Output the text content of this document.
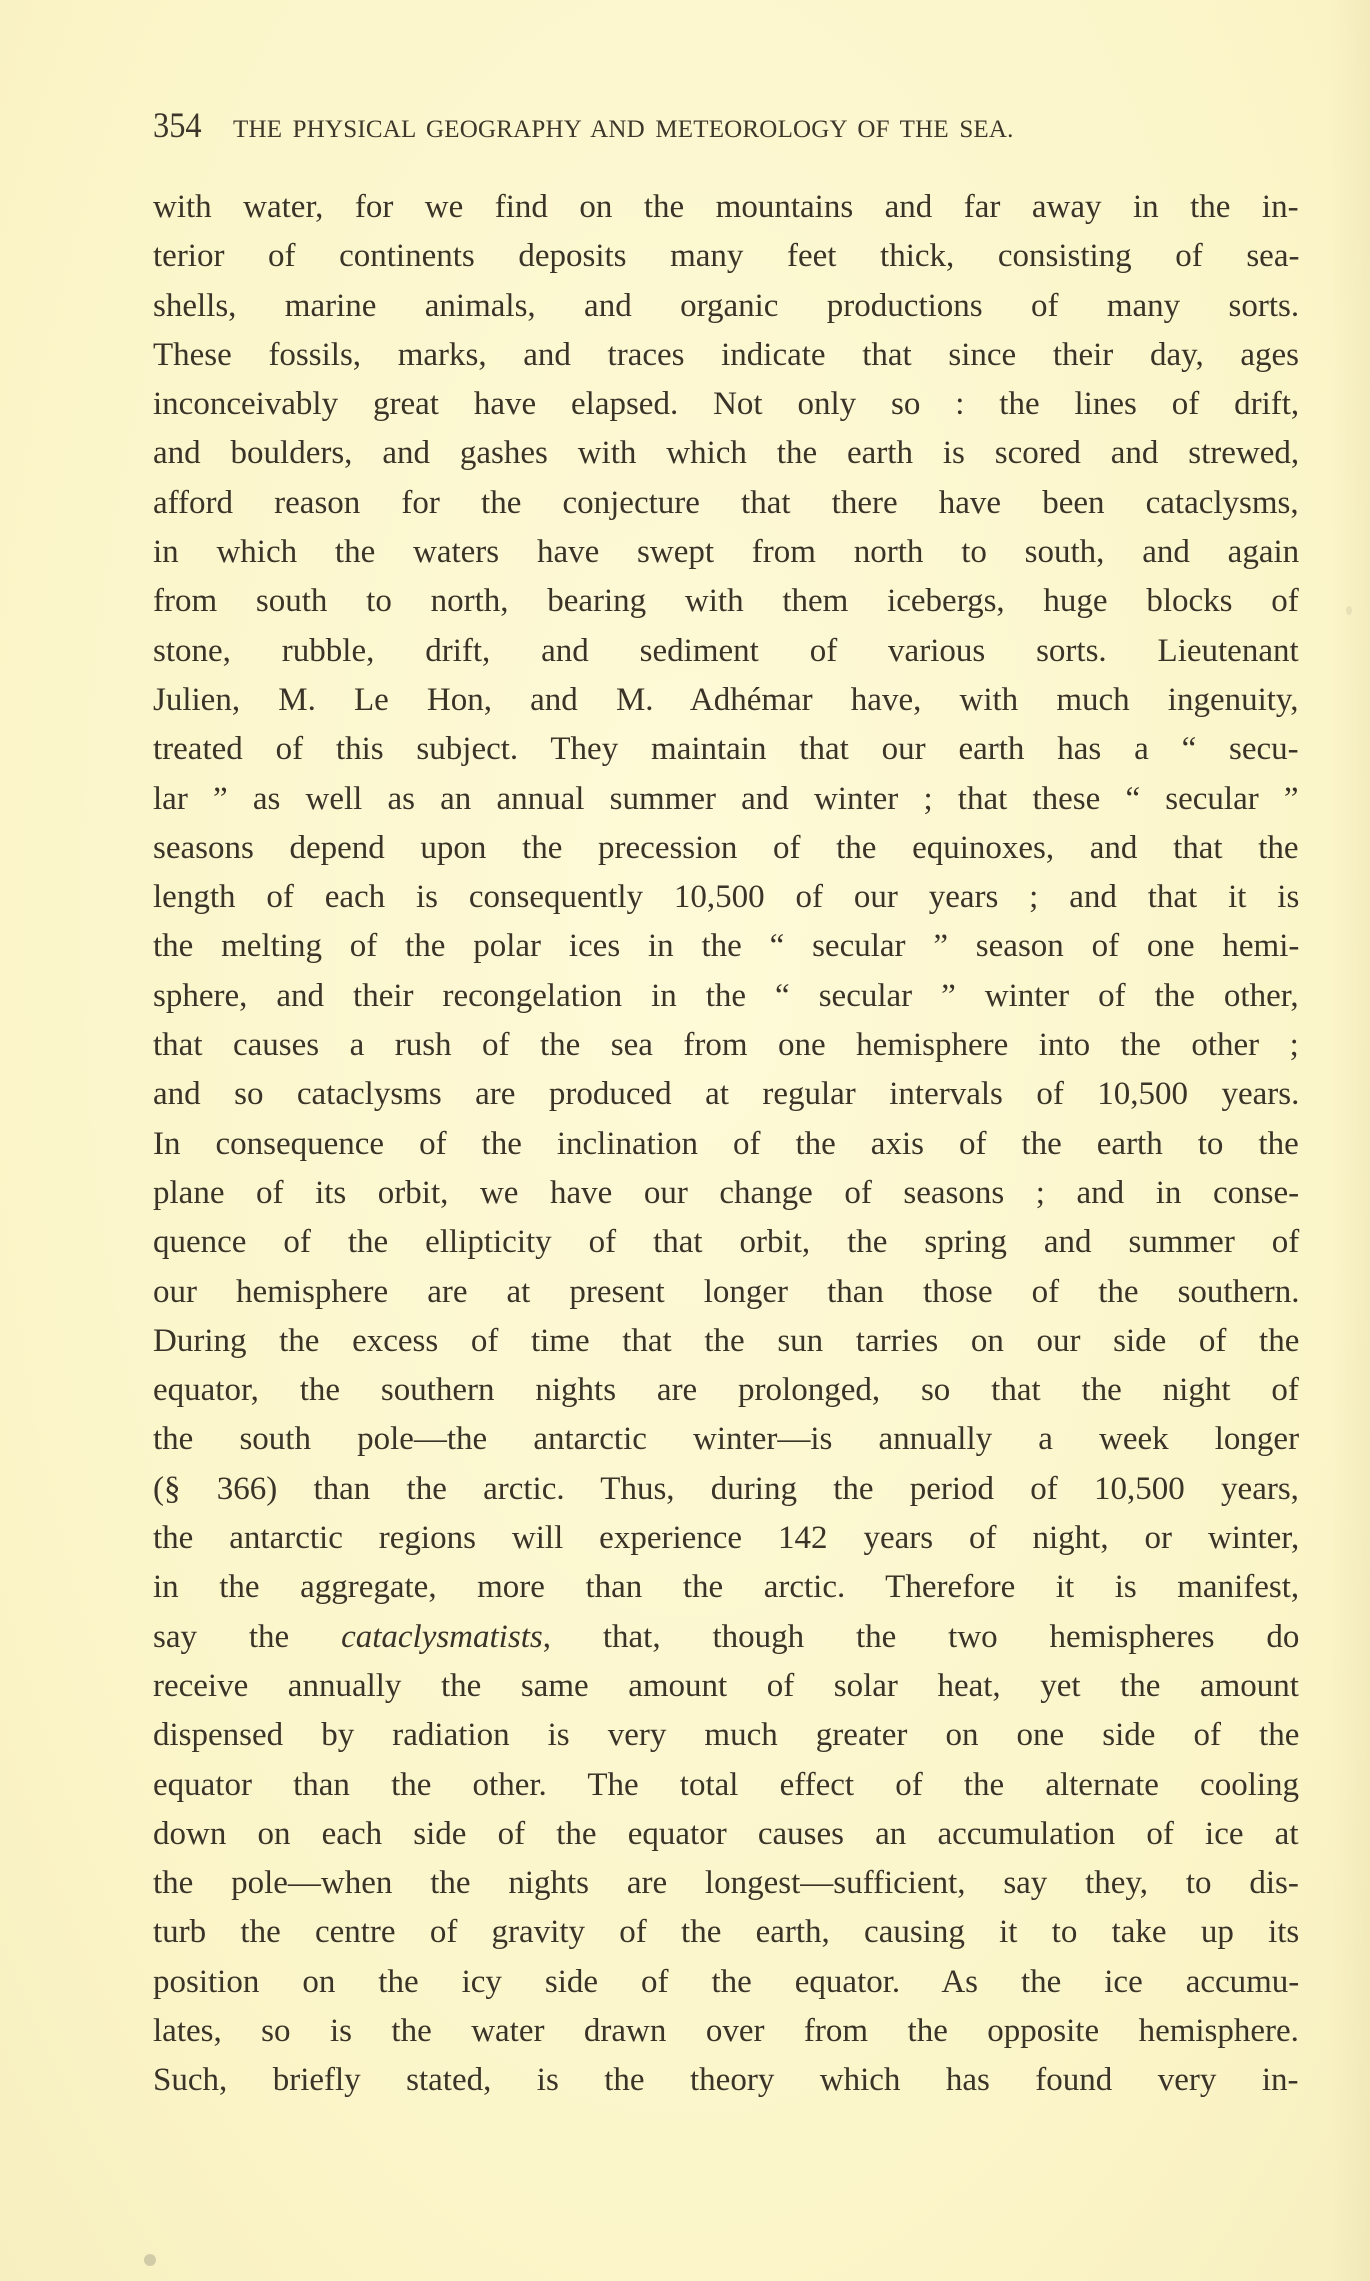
354 THE PHYSICAL GEOGRAPHY AND METEOROLOGY OF THE SEA.
with water, for we find on the mountains and far away in the in-
terior of continents deposits many feet thick, consisting of sea-
shells, marine animals, and organic productions of many sorts.
These fossils, marks, and traces indicate that since their day, ages
inconceivably great have elapsed. Not only so : the lines of drift,
and boulders, and gashes with which the earth is scored and strewed,
afford reason for the conjecture that there have been cataclysms,
in which the waters have swept from north to south, and again
from south to north, bearing with them icebergs, huge blocks of
stone, rubble, drift, and sediment of various sorts. Lieutenant
Julien, M. Le Hon, and M. Adhémar have, with much ingenuity,
treated of this subject. They maintain that our earth has a “ secu-
lar ” as well as an annual summer and winter ; that these “ secular ”
seasons depend upon the precession of the equinoxes, and that the
length of each is consequently 10,500 of our years ; and that it is
the melting of the polar ices in the “ secular ” season of one hemi-
sphere, and their recongelation in the “ secular ” winter of the other,
that causes a rush of the sea from one hemisphere into the other ;
and so cataclysms are produced at regular intervals of 10,500 years.
In consequence of the inclination of the axis of the earth to the
plane of its orbit, we have our change of seasons ; and in conse-
quence of the ellipticity of that orbit, the spring and summer of
our hemisphere are at present longer than those of the southern.
During the excess of time that the sun tarries on our side of the
equator, the southern nights are prolonged, so that the night of
the south pole—the antarctic winter—is annually a week longer
(§ 366) than the arctic. Thus, during the period of 10,500 years,
the antarctic regions will experience 142 years of night, or winter,
in the aggregate, more than the arctic. Therefore it is manifest,
say the cataclysmatists, that, though the two hemispheres do
receive annually the same amount of solar heat, yet the amount
dispensed by radiation is very much greater on one side of the
equator than the other. The total effect of the alternate cooling
down on each side of the equator causes an accumulation of ice at
the pole—when the nights are longest—sufficient, say they, to dis-
turb the centre of gravity of the earth, causing it to take up its
position on the icy side of the equator. As the ice accumu-
lates, so is the water drawn over from the opposite hemisphere.
Such, briefly stated, is the theory which has found very in-
